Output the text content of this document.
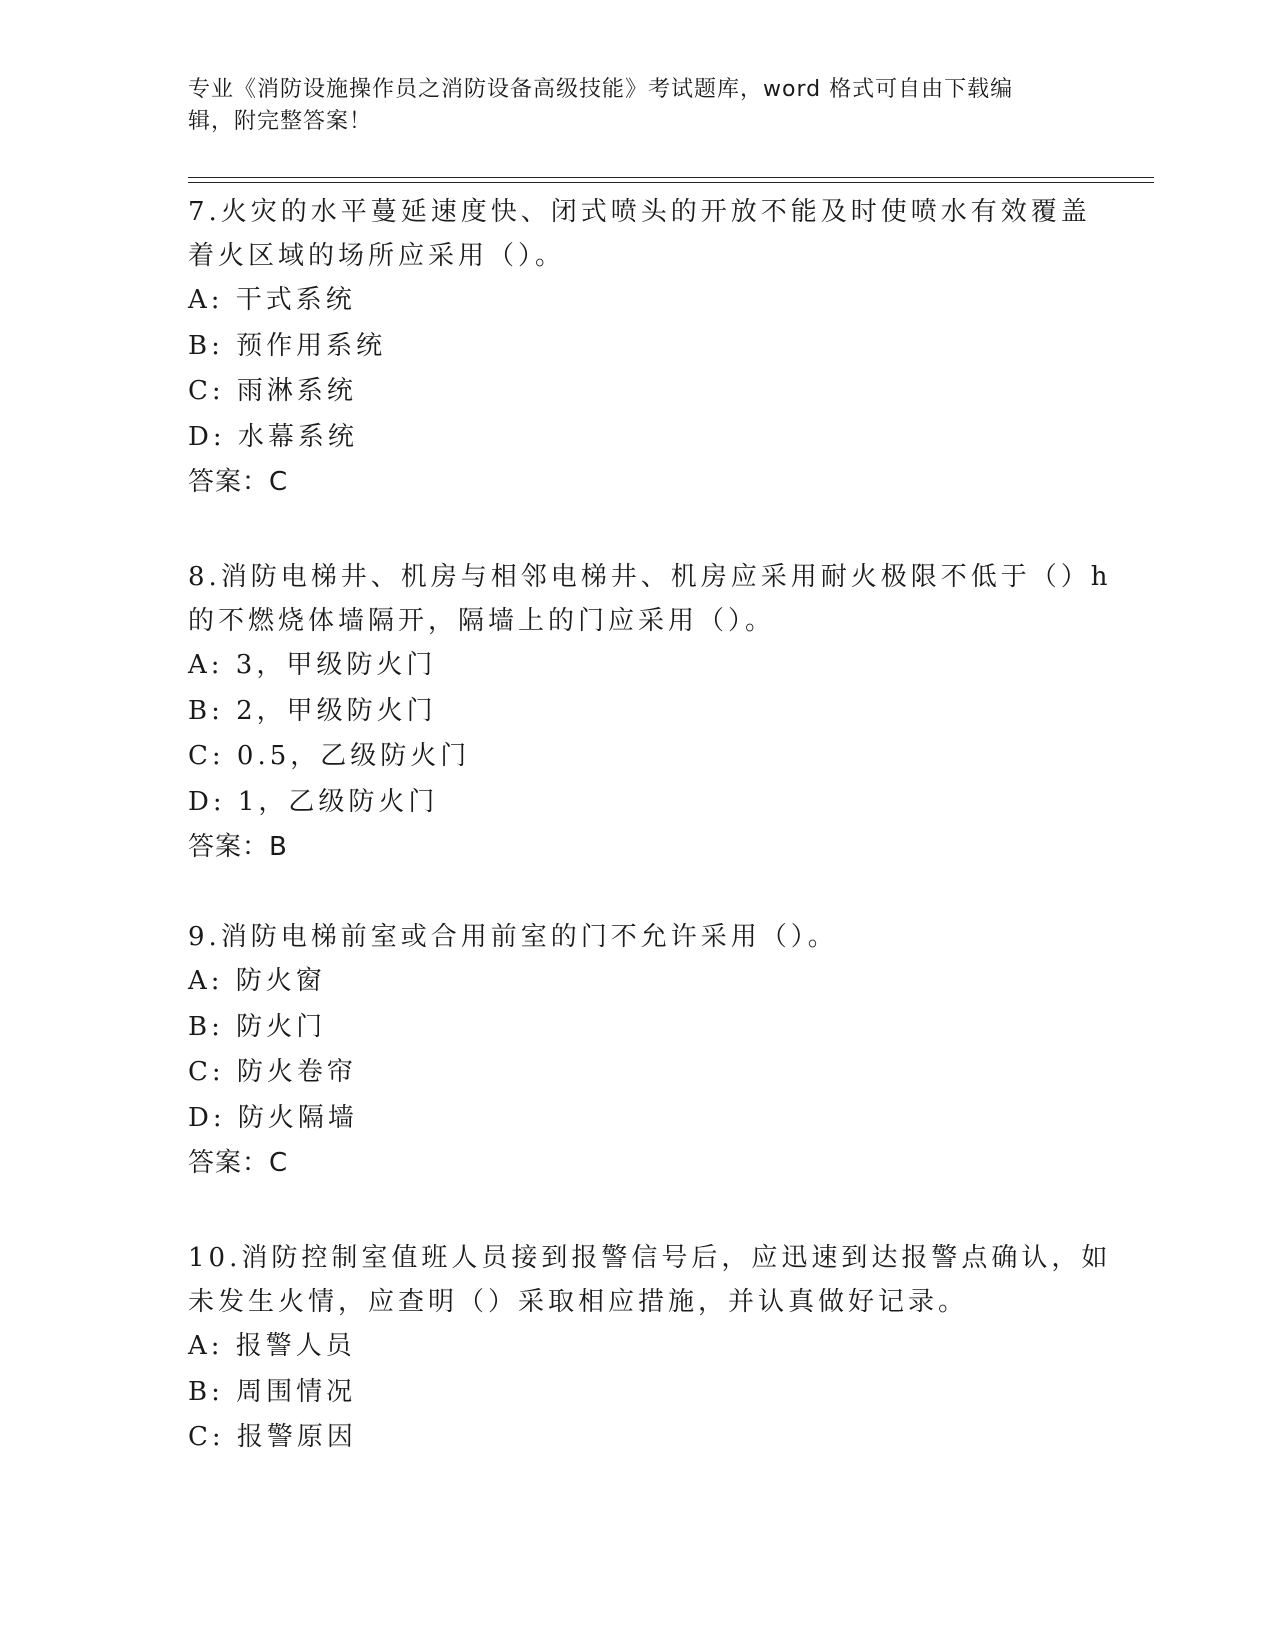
专业《消防设施操作员之消防设备高级技能》考试题库，word 格式可自由下载编
辑，附完整答案！

7.火灾的水平蔓延速度快、闭式喷头的开放不能及时使喷水有效覆盖

着火区域的场所应采用（）。

A: 干式系统

B: 预作用系统

C: 雨淋系统

D: 水幕系统

答案：C

8.消防电梯井、机房与相邻电梯井、机房应采用耐火极限不低于（）h

的不燃烧体墙隔开，隔墙上的门应采用（）。

A: 3，甲级防火门

B: 2，甲级防火门

C: 0.5，乙级防火门

D: 1，乙级防火门

答案：B

9.消防电梯前室或合用前室的门不允许采用（）。

A: 防火窗

B: 防火门

C: 防火卷帘

D: 防火隔墙

答案：C

10.消防控制室值班人员接到报警信号后，应迅速到达报警点确认，如

未发生火情，应查明（）采取相应措施，并认真做好记录。

A: 报警人员

B: 周围情况

C: 报警原因
